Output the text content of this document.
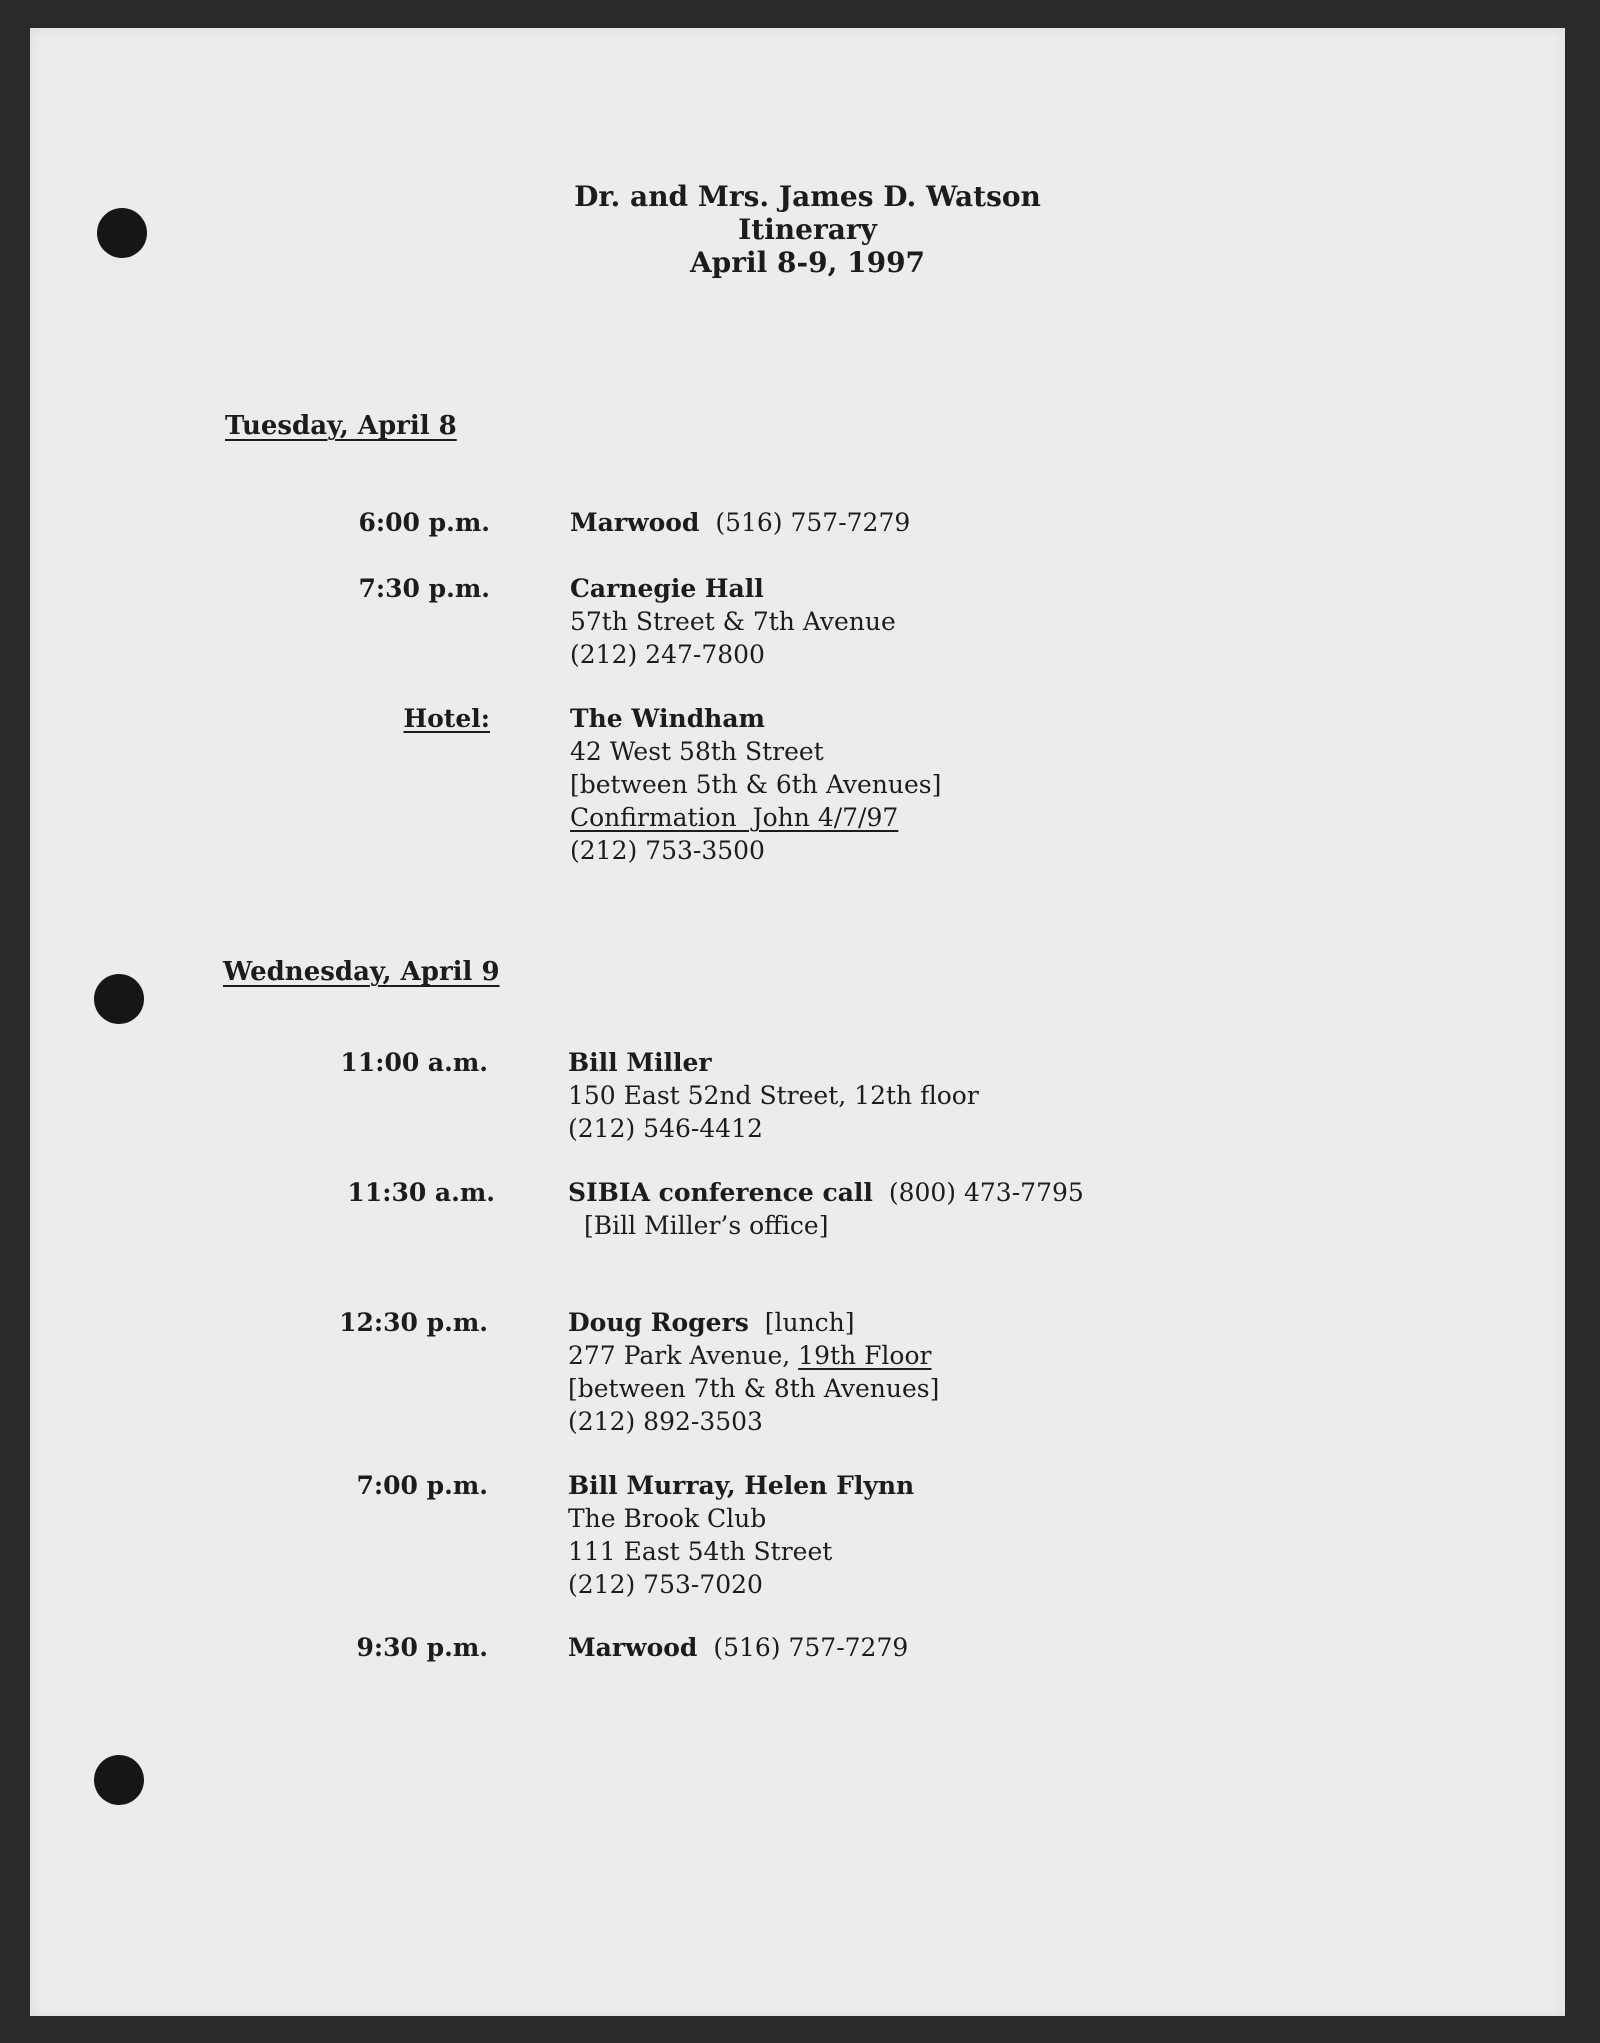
Dr. and Mrs. James D. Watson
Itinerary
April 8-9, 1997
Tuesday, April 8
6:00 p.m.	Marwood (516) 757-7279
7:30 p.m.	Carnegie Hall
57th Street & 7th Avenue
(212) 247-7800
Hotel:	The Windham
42 West 58th Street
[between 5th & 6th Avenues]
Confirmation  John 4/7/97
(212) 753-3500
Wednesday, April 9
11:00 a.m.	Bill Miller
150 East 52nd Street, 12th floor
(212) 546-4412
11:30 a.m.	SIBIA conference call (800) 473-7795
[Bill Miller’s office]
12:30 p.m.	Doug Rogers [lunch]
277 Park Avenue, 19th Floor
[between 7th & 8th Avenues]
(212) 892-3503
7:00 p.m.	Bill Murray, Helen Flynn
The Brook Club
111 East 54th Street
(212) 753-7020
9:30 p.m.	Marwood (516) 757-7279
